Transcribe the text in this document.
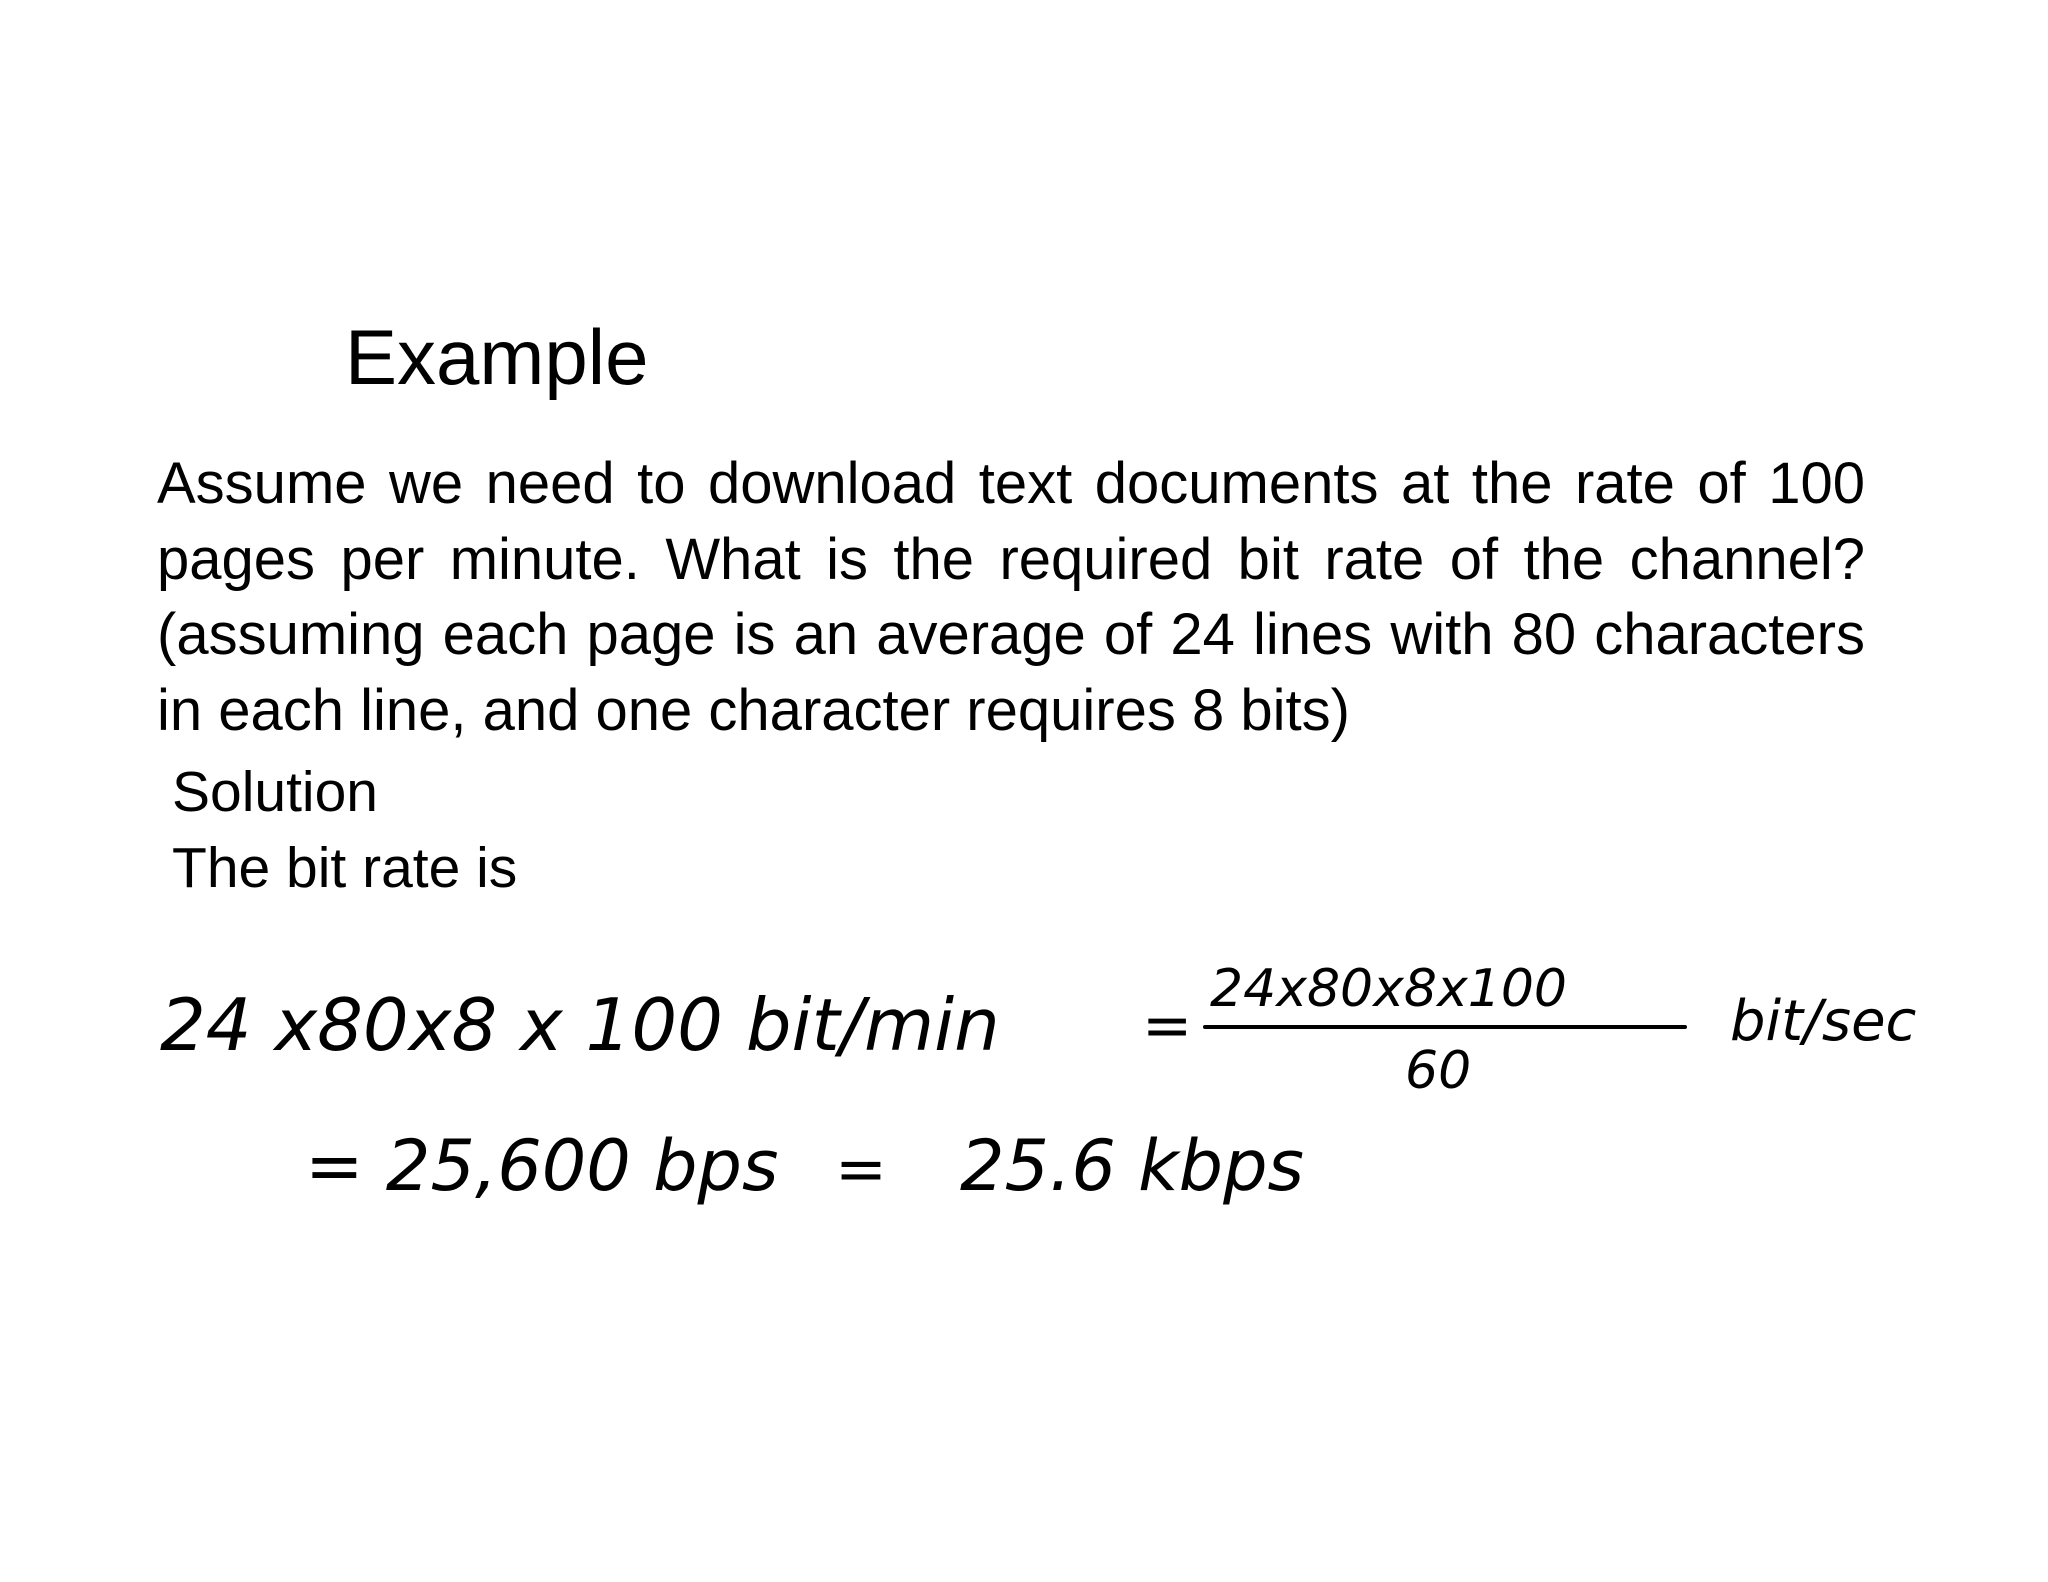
Example
Assume we need to download text documents at the rate of 100 pages per minute. What is the required bit rate of the channel? (assuming each page is an average of 24 lines with 80 characters in each line, and one character requires 8 bits)
Solution
The bit rate is
24 x80x8 x 100 bit/min =
24x80x8x100
60
bit/sec
= 25,600 bps = 25.6 kbps
